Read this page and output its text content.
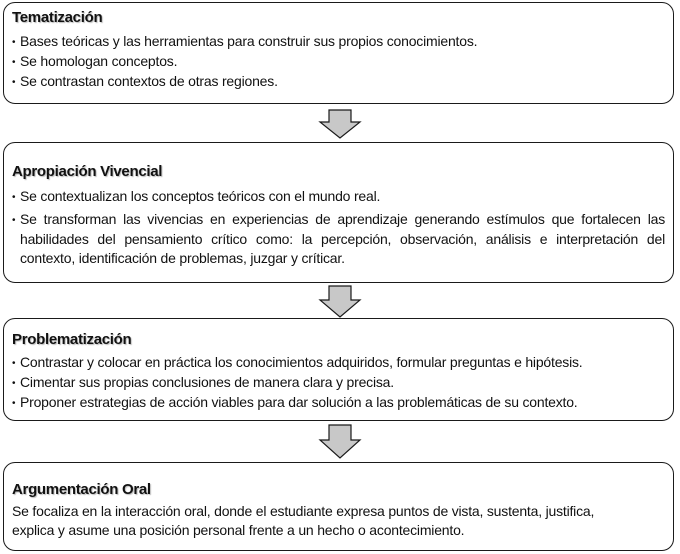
Tematización

• Bases teóricas y las herramientas para construir sus propios conocimientos.
• Se homologan conceptos.
• Se contrastan contextos de otras regiones.

Apropiación Vivencial

• Se contextualizan los conceptos teóricos con el mundo real.
• Se transforman las vivencias en experiencias de aprendizaje generando estímulos que fortalecen las habilidades del pensamiento crítico como: la percepción, observación, análisis e interpretación del contexto, identificación de problemas, juzgar y críticar.

Problematización

• Contrastar y colocar en práctica los conocimientos adquiridos, formular preguntas e hipótesis.
• Cimentar sus propias conclusiones de manera clara y precisa.
• Proponer estrategias de acción viables para dar solución a las problemáticas de su contexto.

Argumentación Oral

Se focaliza en la interacción oral, donde el estudiante expresa puntos de vista, sustenta, justifica, explica y asume una posición personal frente a un hecho o acontecimiento.
